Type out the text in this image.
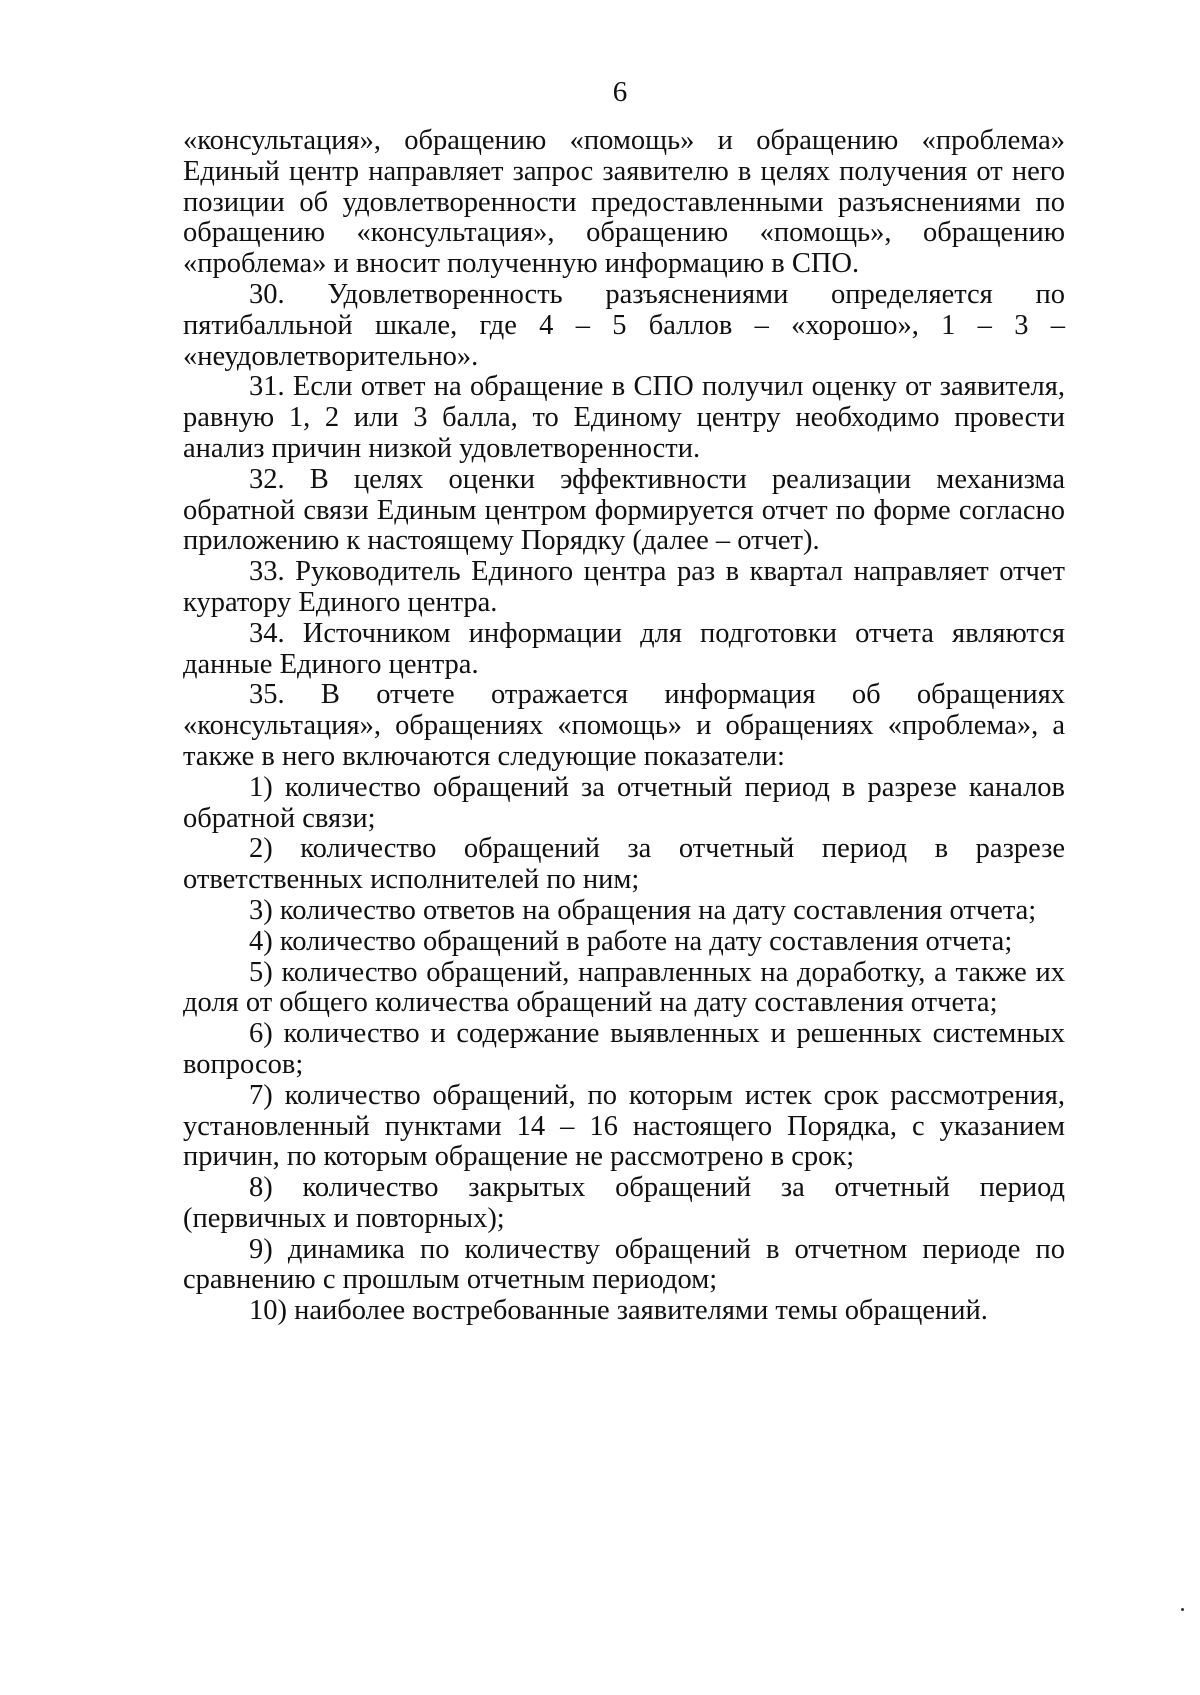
6

«консультация», обращению «помощь» и обращению «проблема» Единый центр направляет запрос заявителю в целях получения от него позиции об удовлетворенности предоставленными разъяснениями по обращению «консультация», обращению «помощь», обращению «проблема» и вносит полученную информацию в СПО.

30. Удовлетворенность разъяснениями определяется по пятибалльной шкале, где 4 – 5 баллов – «хорошо», 1 – 3 – «неудовлетворительно».

31. Если ответ на обращение в СПО получил оценку от заявителя, равную 1, 2 или 3 балла, то Единому центру необходимо провести анализ причин низкой удовлетворенности.

32. В целях оценки эффективности реализации механизма обратной связи Единым центром формируется отчет по форме согласно приложению к настоящему Порядку (далее – отчет).

33. Руководитель Единого центра раз в квартал направляет отчет куратору Единого центра.

34. Источником информации для подготовки отчета являются данные Единого центра.

35. В отчете отражается информация об обращениях «консультация», обращениях «помощь» и обращениях «проблема», а также в него включаются следующие показатели:

1) количество обращений за отчетный период в разрезе каналов обратной связи;

2) количество обращений за отчетный период в разрезе ответственных исполнителей по ним;

3) количество ответов на обращения на дату составления отчета;

4) количество обращений в работе на дату составления отчета;

5) количество обращений, направленных на доработку, а также их доля от общего количества обращений на дату составления отчета;

6) количество и содержание выявленных и решенных системных вопросов;

7) количество обращений, по которым истек срок рассмотрения, установленный пунктами 14 – 16 настоящего Порядка, с указанием причин, по которым обращение не рассмотрено в срок;

8) количество закрытых обращений за отчетный период (первичных и повторных);

9) динамика по количеству обращений в отчетном периоде по сравнению с прошлым отчетным периодом;

10) наиболее востребованные заявителями темы обращений.
